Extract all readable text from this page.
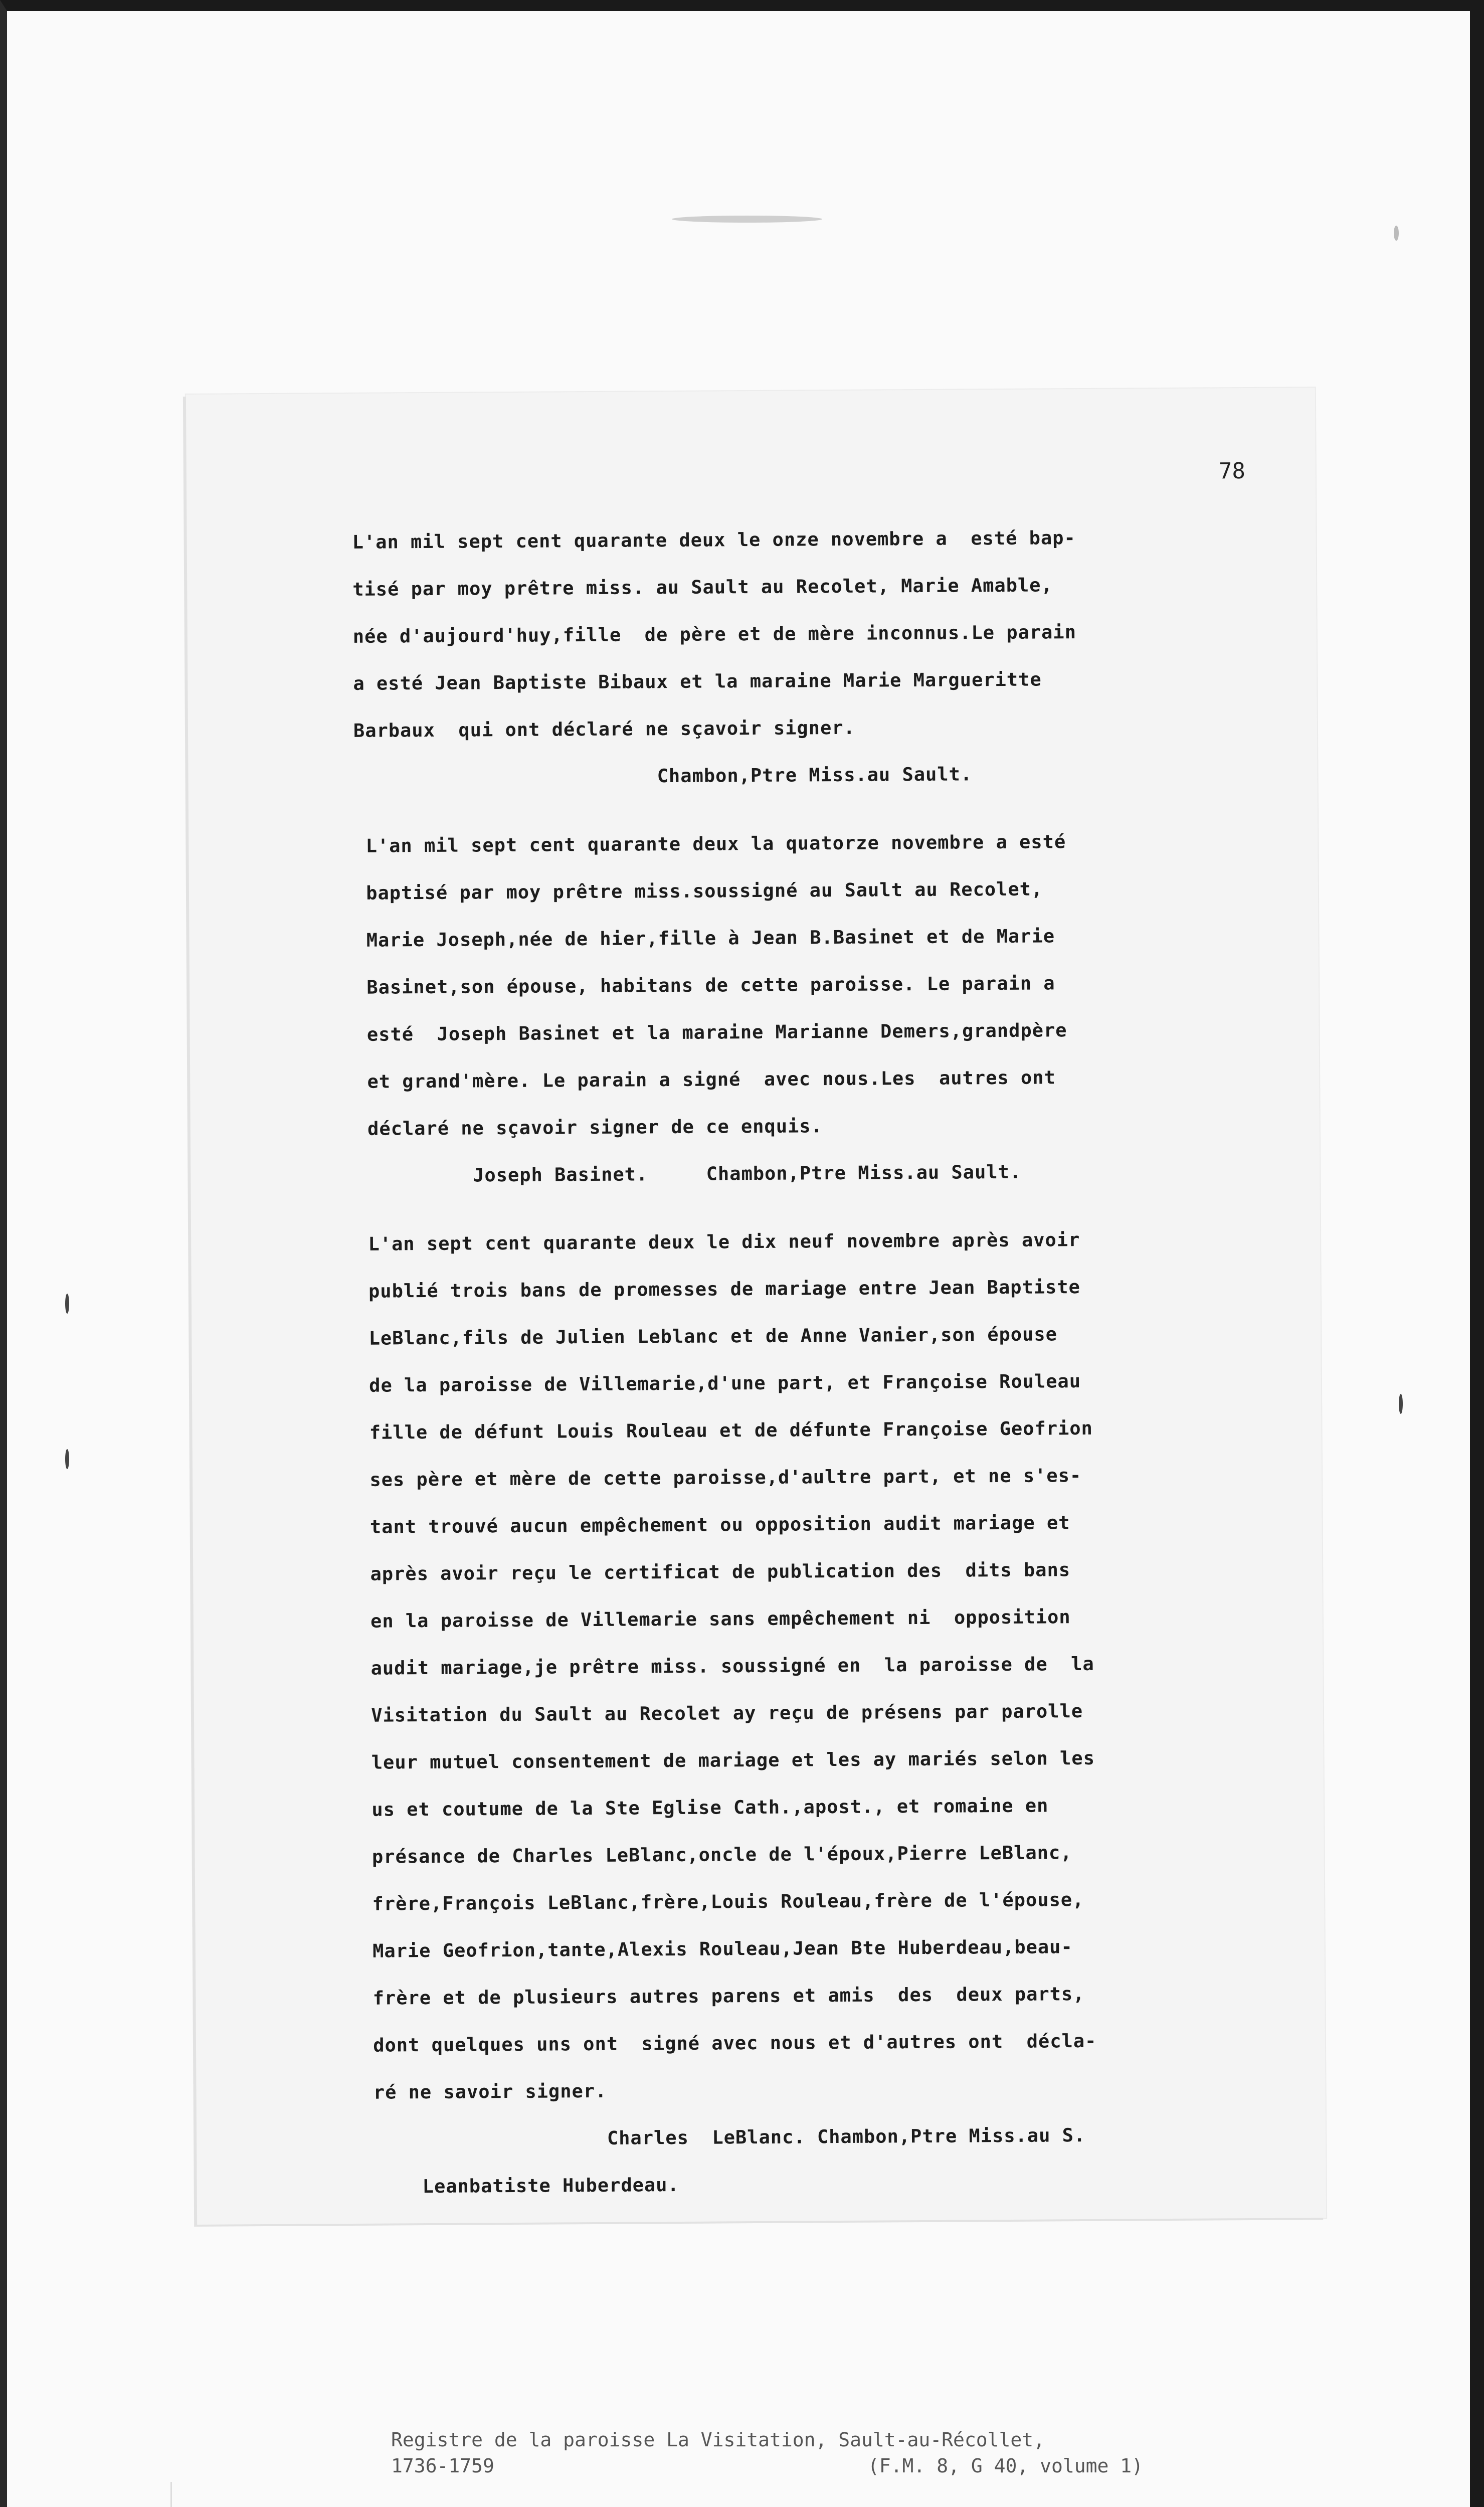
78
L'an mil sept cent quarante deux le onze novembre a  esté bap-
tisé par moy prêtre miss. au Sault au Recolet, Marie Amable,
née d'aujourd'huy,fille  de père et de mère inconnus.Le parain
a esté Jean Baptiste Bibaux et la maraine Marie Margueritte
Barbaux  qui ont déclaré ne sçavoir signer.
Chambon,Ptre Miss.au Sault.
L'an mil sept cent quarante deux la quatorze novembre a esté
baptisé par moy prêtre miss.soussigné au Sault au Recolet,
Marie Joseph,née de hier,fille à Jean B.Basinet et de Marie
Basinet,son épouse, habitans de cette paroisse. Le parain a
esté  Joseph Basinet et la maraine Marianne Demers,grandpère
et grand'mère. Le parain a signé  avec nous.Les  autres ont
déclaré ne sçavoir signer de ce enquis.
Joseph Basinet.     Chambon,Ptre Miss.au Sault.
L'an sept cent quarante deux le dix neuf novembre après avoir
publié trois bans de promesses de mariage entre Jean Baptiste
LeBlanc,fils de Julien Leblanc et de Anne Vanier,son épouse
de la paroisse de Villemarie,d'une part, et Françoise Rouleau
fille de défunt Louis Rouleau et de défunte Françoise Geofrion
ses père et mère de cette paroisse,d'aultre part, et ne s'es-
tant trouvé aucun empêchement ou opposition audit mariage et
après avoir reçu le certificat de publication des  dits bans
en la paroisse de Villemarie sans empêchement ni  opposition
audit mariage,je prêtre miss. soussigné en  la paroisse de  la
Visitation du Sault au Recolet ay reçu de présens par parolle
leur mutuel consentement de mariage et les ay mariés selon les
us et coutume de la Ste Eglise Cath.,apost., et romaine en
présance de Charles LeBlanc,oncle de l'époux,Pierre LeBlanc,
frère,François LeBlanc,frère,Louis Rouleau,frère de l'épouse,
Marie Geofrion,tante,Alexis Rouleau,Jean Bte Huberdeau,beau-
frère et de plusieurs autres parens et amis  des  deux parts,
dont quelques uns ont  signé avec nous et d'autres ont  décla-
ré ne savoir signer.
Charles  LeBlanc. Chambon,Ptre Miss.au S.
Leanbatiste Huberdeau.
Registre de la paroisse La Visitation, Sault-au-Récollet,
1736-1759	(F.M. 8, G 40, volume 1)
